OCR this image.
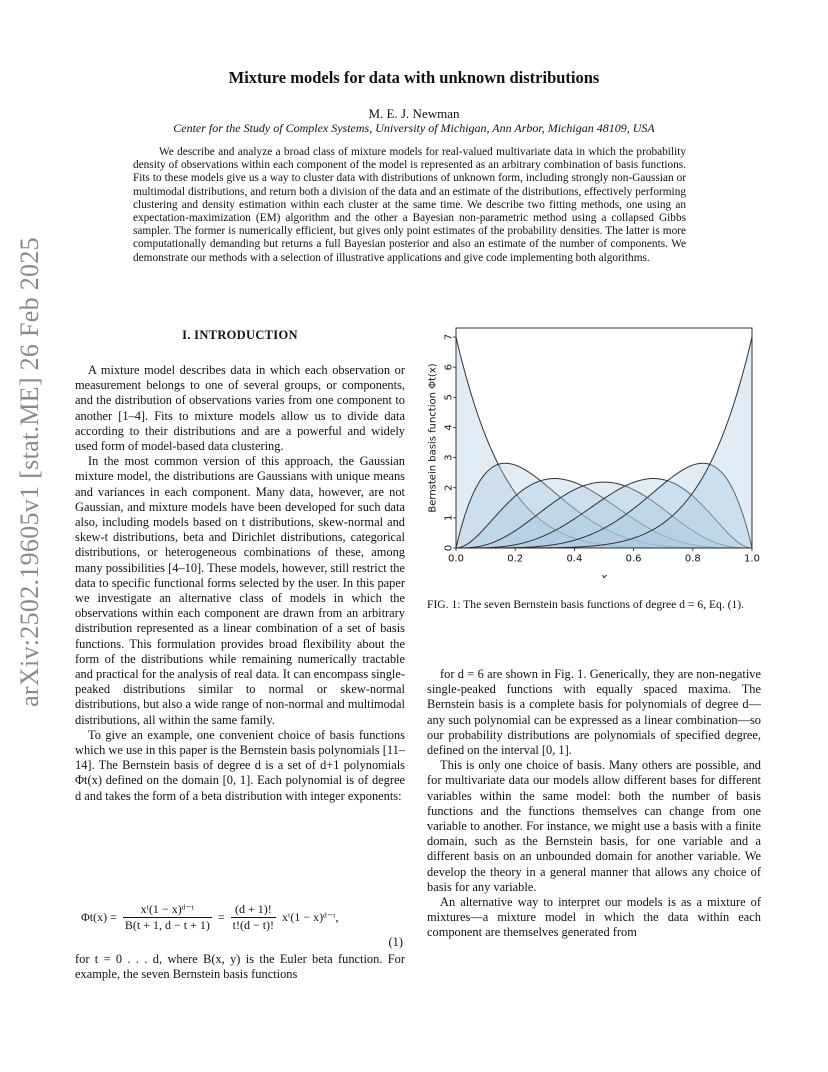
arXiv:2502.19605v1 [stat.ME] 26 Feb 2025
Mixture models for data with unknown distributions
M. E. J. Newman
Center for the Study of Complex Systems, University of Michigan, Ann Arbor, Michigan 48109, USA

We describe and analyze a broad class of mixture models for real-valued multivariate data in which the probability density of observations within each component of the model is represented as an arbitrary combination of basis functions. Fits to these models give us a way to cluster data with distributions of unknown form, including strongly non-Gaussian or multimodal distributions, and return both a division of the data and an estimate of the distributions, effectively performing clustering and density estimation within each cluster at the same time. We describe two fitting methods, one using an expectation-maximization (EM) algorithm and the other a Bayesian non-parametric method using a collapsed Gibbs sampler. The former is numerically efficient, but gives only point estimates of the probability densities. The latter is more computationally demanding but returns a full Bayesian posterior and also an estimate of the number of components. We demonstrate our methods with a selection of illustrative applications and give code implementing both algorithms.

I. INTRODUCTION

A mixture model describes data in which each observation or measurement belongs to one of several groups, or components, and the distribution of observations varies from one component to another [1–4]. Fits to mixture models allow us to divide data according to their distributions and are a powerful and widely used form of model-based data clustering.

In the most common version of this approach, the Gaussian mixture model, the distributions are Gaussians with unique means and variances in each component. Many data, however, are not Gaussian, and mixture models have been developed for such data also, including models based on t distributions, skew-normal and skew-t distributions, beta and Dirichlet distributions, categorical distributions, or heterogeneous combinations of these, among many possibilities [4–10]. These models, however, still restrict the data to specific functional forms selected by the user. In this paper we investigate an alternative class of models in which the observations within each component are drawn from an arbitrary distribution represented as a linear combination of a set of basis functions. This formulation provides broad flexibility about the form of the distributions while remaining numerically tractable and practical for the analysis of real data. It can encompass single-peaked distributions similar to normal or skew-normal distributions, but also a wide range of non-normal and multimodal distributions, all within the same family.

To give an example, one convenient choice of basis functions which we use in this paper is the Bernstein basis polynomials [11–14]. The Bernstein basis of degree d is a set of d+1 polynomials Φt(x) defined on the domain [0, 1]. Each polynomial is of degree d and takes the form of a beta distribution with integer exponents:

$\Phi t(x) = \frac{\text{xᵗ(1 − x)ᵈ⁻ᵗ}}{B(t + 1, d - t + 1)} = \frac{(d + 1)!}{t!(d - t)!}$ xᵗ(1 − x)ᵈ⁻ᵗ,
(1)

for t = 0 . . . d, where B(x, y) is the Euler beta function. For example, the seven Bernstein basis functions

0.0	0.2	0.4	0.6	0.8	1.0
0
1
2
3
4
5
6
7
x
Bernstein basis function Φt(x)

FIG. 1: The seven Bernstein basis functions of degree d = 6, Eq. (1).

for d = 6 are shown in Fig. 1. Generically, they are non-negative single-peaked functions with equally spaced maxima. The Bernstein basis is a complete basis for polynomials of degree d—any such polynomial can be expressed as a linear combination—so our probability distributions are polynomials of specified degree, defined on the interval [0, 1].

This is only one choice of basis. Many others are possible, and for multivariate data our models allow different bases for different variables within the same model: both the number of basis functions and the functions themselves can change from one variable to another. For instance, we might use a basis with a finite domain, such as the Bernstein basis, for one variable and a different basis on an unbounded domain for another variable. We develop the theory in a general manner that allows any choice of basis for any variable.

An alternative way to interpret our models is as a mixture of mixtures—a mixture model in which the data within each component are themselves generated from
